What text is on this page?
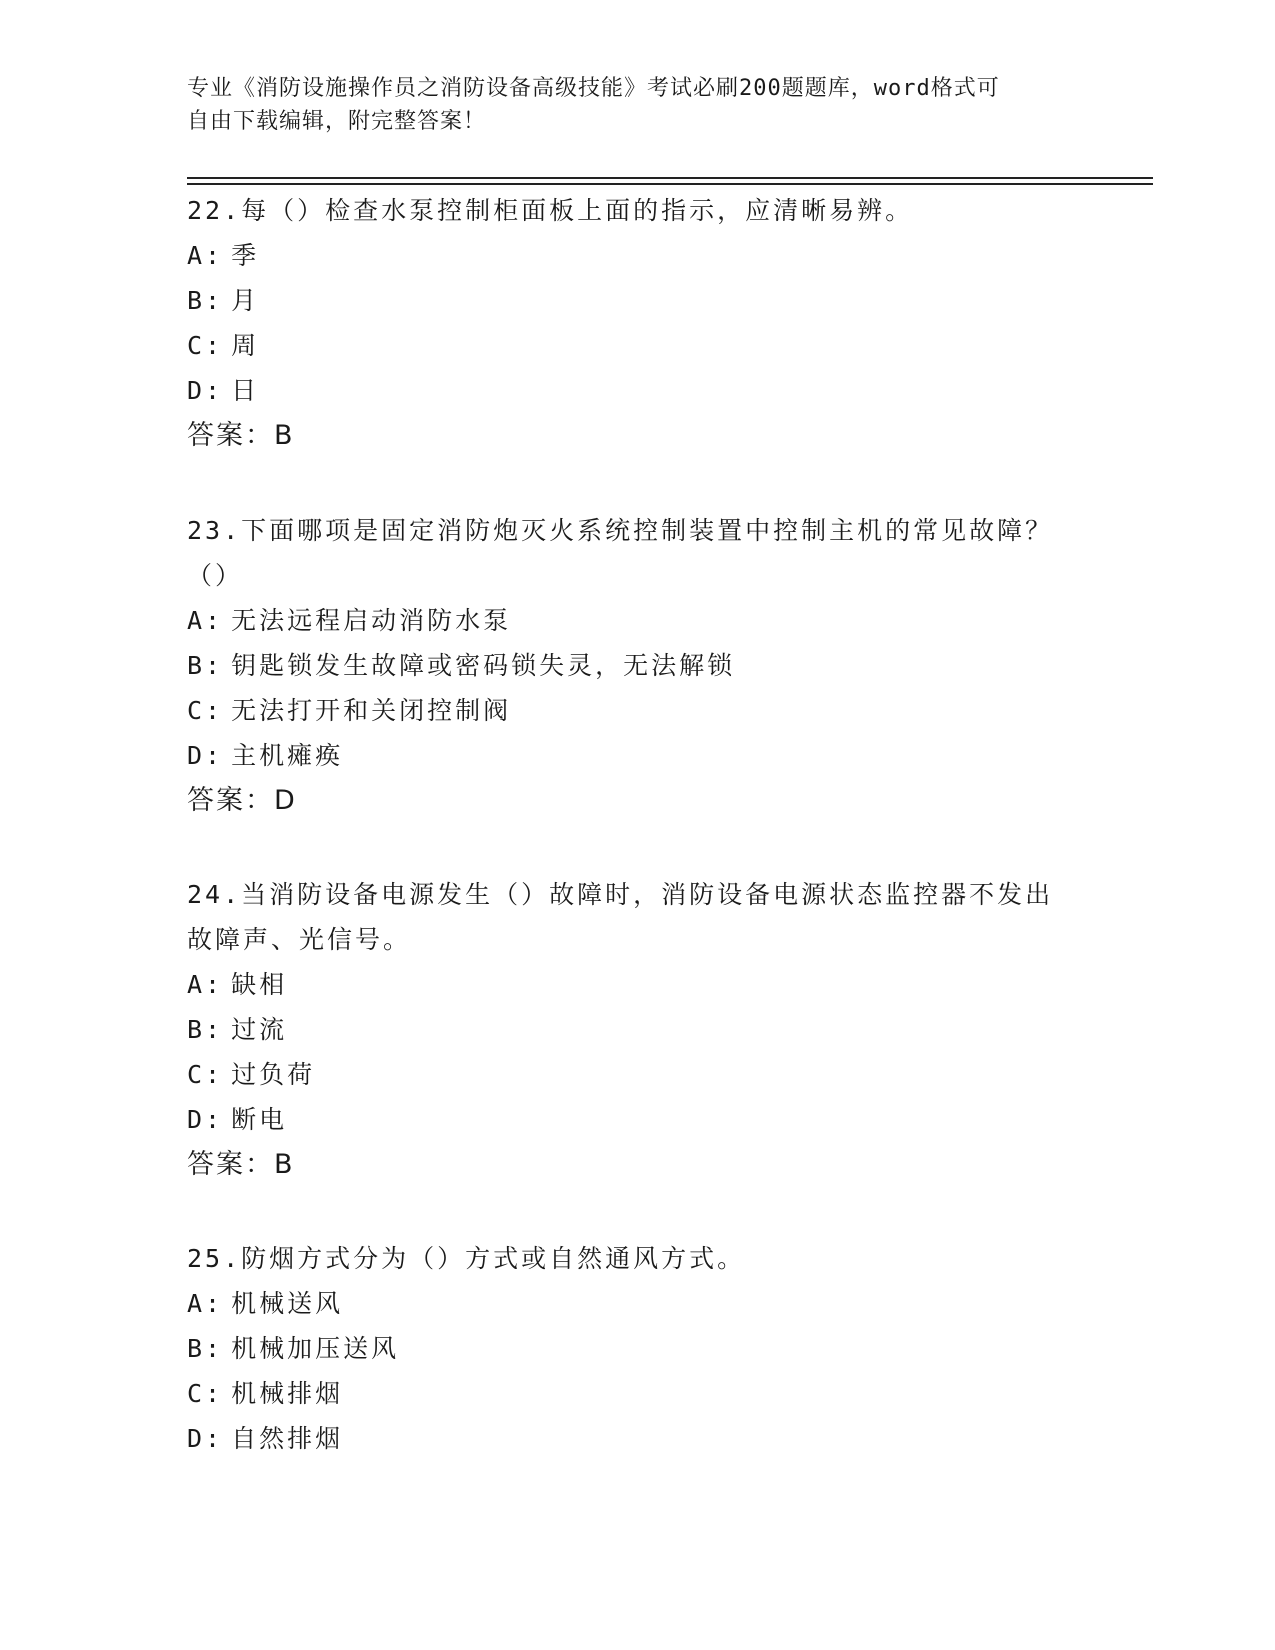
专业《消防设施操作员之消防设备高级技能》考试必刷200题题库，word格式可
自由下载编辑，附完整答案！

22.每（）检查水泵控制柜面板上面的指示，应清晰易辨。

A: 季

B: 月

C: 周

D: 日

答案：B

23.下面哪项是固定消防炮灭火系统控制装置中控制主机的常见故障？

（）

A: 无法远程启动消防水泵

B: 钥匙锁发生故障或密码锁失灵，无法解锁

C: 无法打开和关闭控制阀

D: 主机瘫痪

答案：D

24.当消防设备电源发生（）故障时，消防设备电源状态监控器不发出

故障声、光信号。

A: 缺相

B: 过流

C: 过负荷

D: 断电

答案：B

25.防烟方式分为（）方式或自然通风方式。

A: 机械送风

B: 机械加压送风

C: 机械排烟

D: 自然排烟
